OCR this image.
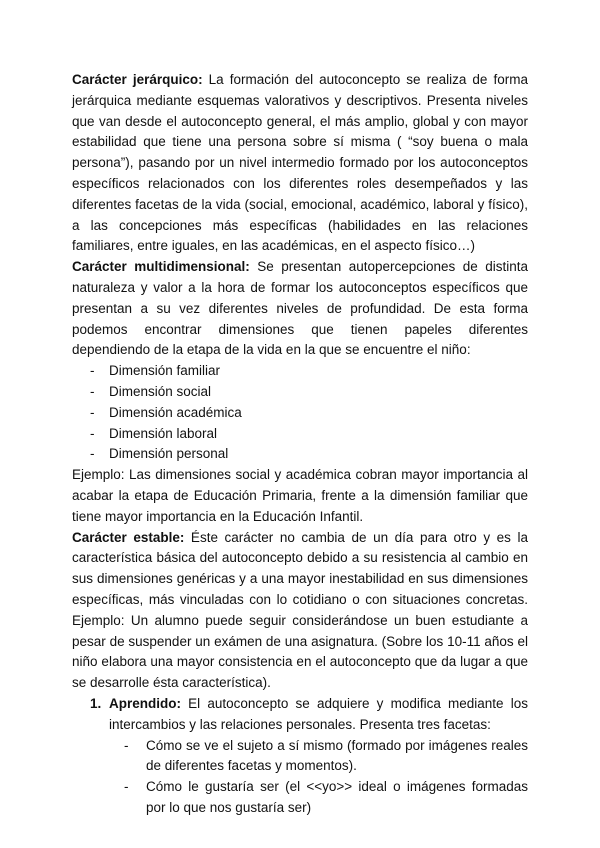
Carácter jerárquico: La formación del autoconcepto se realiza de forma jerárquica mediante esquemas valorativos y descriptivos. Presenta niveles que van desde el autoconcepto general, el más amplio, global y con mayor estabilidad que tiene una persona sobre sí misma ( “soy buena o mala persona”), pasando por un nivel intermedio formado por los autoconceptos específicos relacionados con los diferentes roles desempeñados y las diferentes facetas de la vida (social, emocional, académico, laboral y físico), a las concepciones más específicas (habilidades en las relaciones familiares, entre iguales, en las académicas, en el aspecto físico…)

Carácter multidimensional: Se presentan autopercepciones de distinta naturaleza y valor a la hora de formar los autoconceptos específicos que presentan a su vez diferentes niveles de profundidad. De esta forma podemos encontrar dimensiones que tienen papeles diferentes dependiendo de la etapa de la vida en la que se encuentre el niño:

- Dimensión familiar
- Dimensión social
- Dimensión académica
- Dimensión laboral
- Dimensión personal

Ejemplo: Las dimensiones social y académica cobran mayor importancia al acabar la etapa de Educación Primaria, frente a la dimensión familiar que tiene mayor importancia en la Educación Infantil.

Carácter estable: Éste carácter no cambia de un día para otro y es la característica básica del autoconcepto debido a su resistencia al cambio en sus dimensiones genéricas y a una mayor inestabilidad en sus dimensiones específicas, más vinculadas con lo cotidiano o con situaciones concretas. Ejemplo: Un alumno puede seguir considerándose un buen estudiante a pesar de suspender un exámen de una asignatura. (Sobre los 10-11 años el niño elabora una mayor consistencia en el autoconcepto que da lugar a que se desarrolle ésta característica).

1. Aprendido: El autoconcepto se adquiere y modifica mediante los intercambios y las relaciones personales. Presenta tres facetas:
- Cómo se ve el sujeto a sí mismo (formado por imágenes reales de diferentes facetas y momentos).
- Cómo le gustaría ser (el <<yo>> ideal o imágenes formadas por lo que nos gustaría ser)
